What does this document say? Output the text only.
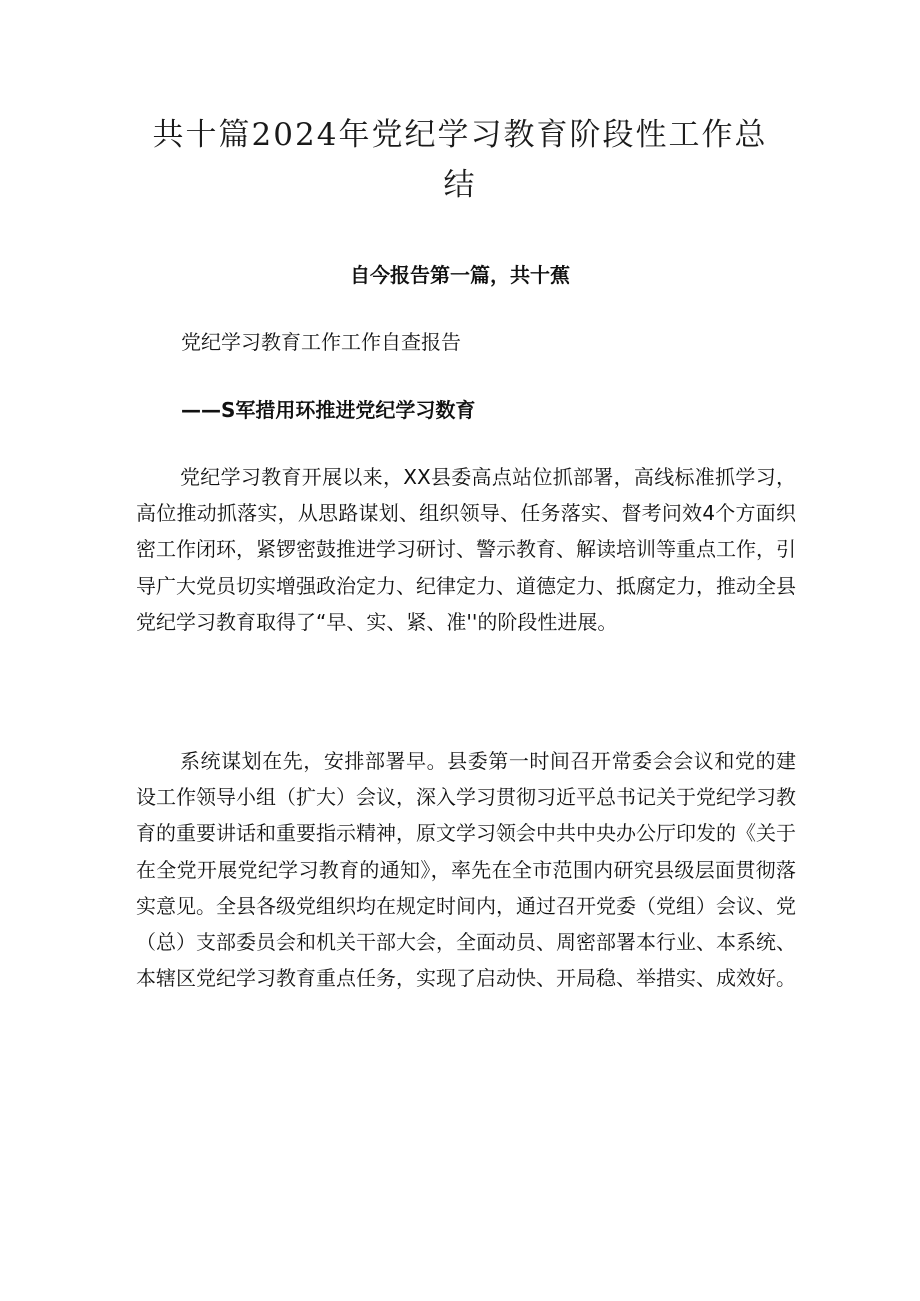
共十篇2024年党纪学习教育阶段性工作总结
自今报告第一篇，共十蕉
党纪学习教育工作工作自查报告
——S军措用环推进党纪学习数育

党纪学习教育开展以来，XX县委高点站位抓部署，高线标准抓学习，高位推动抓落实，从思路谋划、组织领导、任务落实、督考问效4个方面织密工作闭环，紧锣密鼓推进学习研讨、警示教育、解读培训等重点工作，引导广大党员切实增强政治定力、纪律定力、道德定力、抵腐定力，推动全县党纪学习教育取得了“早、实、紧、准''的阶段性进展。

系统谋划在先，安排部署早。县委第一时间召开常委会会议和党的建设工作领导小组（扩大）会议，深入学习贯彻习近平总书记关于党纪学习教育的重要讲话和重要指示精神，原文学习领会中共中央办公厅印发的《关于在全党开展党纪学习教育的通知》，率先在全市范围内研究县级层面贯彻落实意见。全县各级党组织均在规定时间内，通过召开党委（党组）会议、党（总）支部委员会和机关干部大会，全面动员、周密部署本行业、本系统、本辖区党纪学习教育重点任务，实现了启动快、开局稳、举措实、成效好。
